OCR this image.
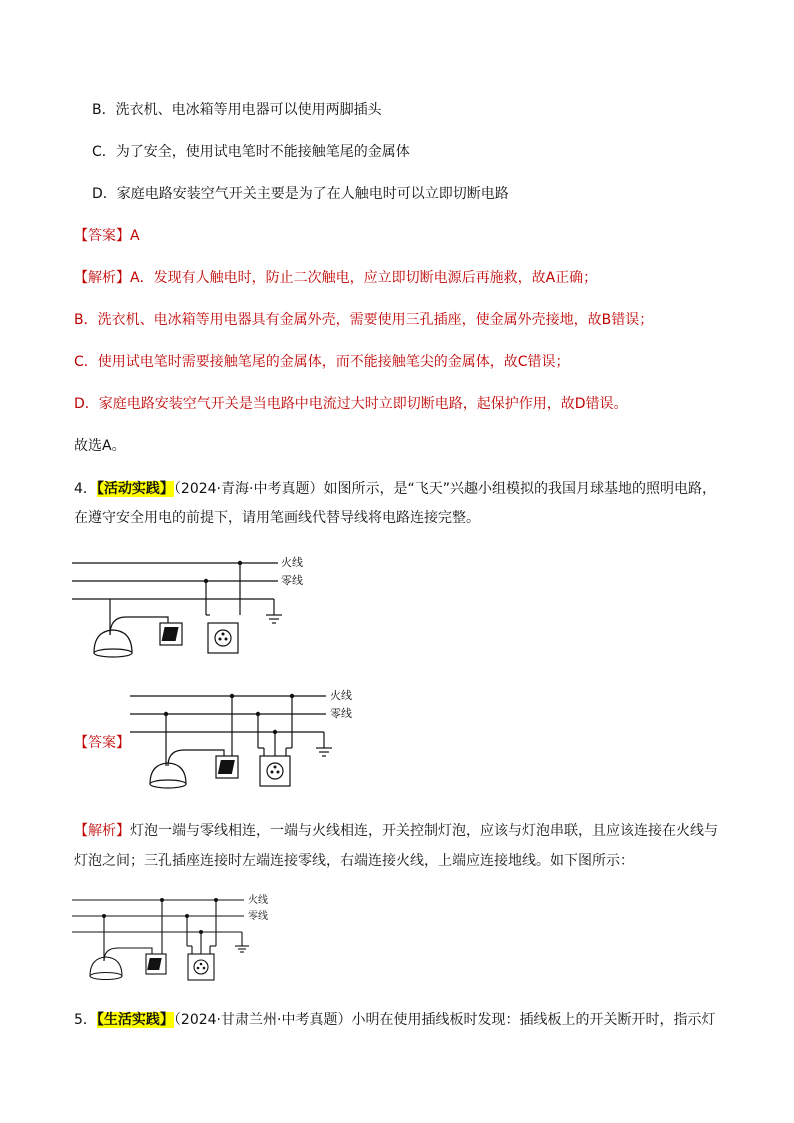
B．洗衣机、电冰箱等用电器可以使用两脚插头
C．为了安全，使用试电笔时不能接触笔尾的金属体
D．家庭电路安装空气开关主要是为了在人触电时可以立即切断电路
【答案】A
【解析】A．发现有人触电时，防止二次触电，应立即切断电源后再施救，故A正确；
B．洗衣机、电冰箱等用电器具有金属外壳，需要使用三孔插座，使金属外壳接地，故B错误；
C．使用试电笔时需要接触笔尾的金属体，而不能接触笔尖的金属体，故C错误；
D．家庭电路安装空气开关是当电路中电流过大时立即切断电路，起保护作用，故D错误。
故选A。
4．【活动实践】（2024·青海·中考真题）如图所示，是“飞天”兴趣小组模拟的我国月球基地的照明电路，
在遵守安全用电的前提下，请用笔画线代替导线将电路连接完整。
火线
零线
【答案】
火线
零线
【解析】灯泡一端与零线相连，一端与火线相连，开关控制灯泡，应该与灯泡串联，且应该连接在火线与
灯泡之间；三孔插座连接时左端连接零线，右端连接火线，上端应连接地线。如下图所示：
火线
零线
5．【生活实践】（2024·甘肃兰州·中考真题）小明在使用插线板时发现：插线板上的开关断开时，指示灯
